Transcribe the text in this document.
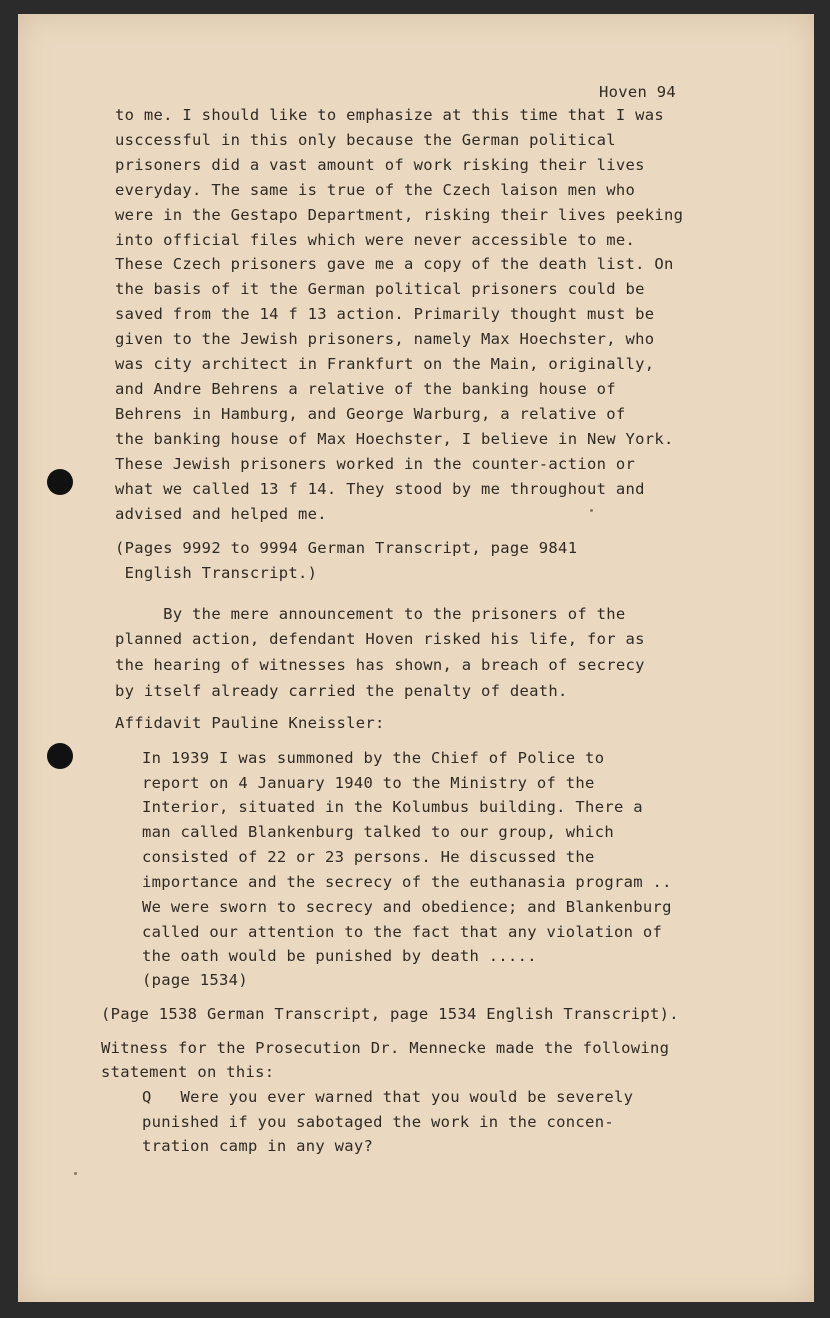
Hoven 94
to me. I should like to emphasize at this time that I was
usccessful in this only because the German political
prisoners did a vast amount of work risking their lives
everyday. The same is true of the Czech laison men who
were in the Gestapo Department, risking their lives peeking
into official files which were never accessible to me.
These Czech prisoners gave me a copy of the death list. On
the basis of it the German political prisoners could be
saved from the 14 f 13 action. Primarily thought must be
given to the Jewish prisoners, namely Max Hoechster, who
was city architect in Frankfurt on the Main, originally,
and Andre Behrens a relative of the banking house of
Behrens in Hamburg, and George Warburg, a relative of
the banking house of Max Hoechster, I believe in New York.
These Jewish prisoners worked in the counter-action or
what we called 13 f 14. They stood by me throughout and
advised and helped me.
(Pages 9992 to 9994 German Transcript, page 9841
English Transcript.)
By the mere announcement to the prisoners of the
planned action, defendant Hoven risked his life, for as
the hearing of witnesses has shown, a breach of secrecy
by itself already carried the penalty of death.
Affidavit Pauline Kneissler:
In 1939 I was summoned by the Chief of Police to
report on 4 January 1940 to the Ministry of the
Interior, situated in the Kolumbus building. There a
man called Blankenburg talked to our group, which
consisted of 22 or 23 persons. He discussed the
importance and the secrecy of the euthanasia program ..
We were sworn to secrecy and obedience; and Blankenburg
called our attention to the fact that any violation of
the oath would be punished by death .....
(page 1534)
(Page 1538 German Transcript, page 1534 English Transcript).
Witness for the Prosecution Dr. Mennecke made the following
statement on this:
Q   Were you ever warned that you would be severely
punished if you sabotaged the work in the concen-
tration camp in any way?
